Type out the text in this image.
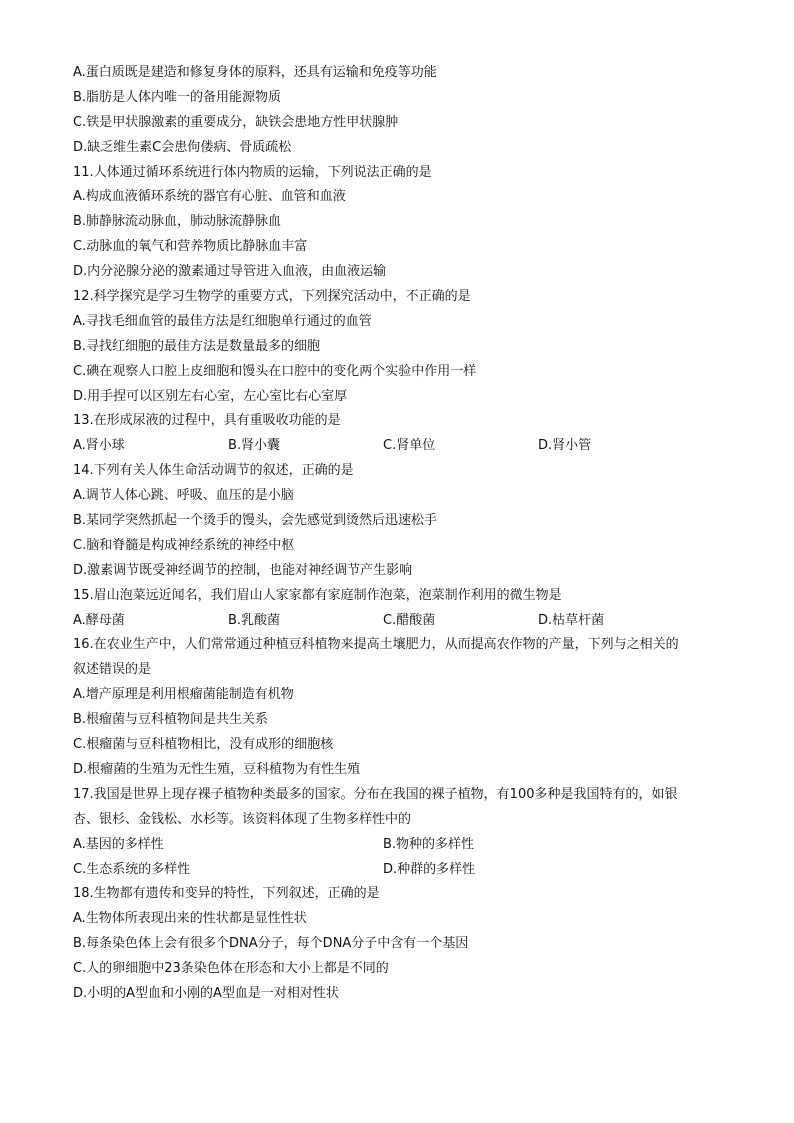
A.蛋白质既是建造和修复身体的原料，还具有运输和免疫等功能
B.脂肪是人体内唯一的备用能源物质
C.铁是甲状腺激素的重要成分，缺铁会患地方性甲状腺肿
D.缺乏维生素C会患佝偻病、骨质疏松
11.人体通过循环系统进行体内物质的运输，下列说法正确的是
A.构成血液循环系统的器官有心脏、血管和血液
B.肺静脉流动脉血，肺动脉流静脉血
C.动脉血的氧气和营养物质比静脉血丰富
D.内分泌腺分泌的激素通过导管进入血液，由血液运输
12.科学探究是学习生物学的重要方式，下列探究活动中，不正确的是
A.寻找毛细血管的最佳方法是红细胞单行通过的血管
B.寻找红细胞的最佳方法是数量最多的细胞
C.碘在观察人口腔上皮细胞和馒头在口腔中的变化两个实验中作用一样
D.用手捏可以区别左右心室，左心室比右心室厚
13.在形成尿液的过程中，具有重吸收功能的是
A.肾小球	B.肾小囊	C.肾单位	D.肾小管
14.下列有关人体生命活动调节的叙述，正确的是
A.调节人体心跳、呼吸、血压的是小脑
B.某同学突然抓起一个烫手的馒头，会先感觉到烫然后迅速松手
C.脑和脊髓是构成神经系统的神经中枢
D.激素调节既受神经调节的控制，也能对神经调节产生影响
15.眉山泡菜远近闻名，我们眉山人家家都有家庭制作泡菜，泡菜制作利用的微生物是
A.酵母菌	B.乳酸菌	C.醋酸菌	D.枯草杆菌
16.在农业生产中，人们常常通过种植豆科植物来提高土壤肥力，从而提高农作物的产量，下列与之相关的
叙述错误的是
A.增产原理是利用根瘤菌能制造有机物
B.根瘤菌与豆科植物间是共生关系
C.根瘤菌与豆科植物相比，没有成形的细胞核
D.根瘤菌的生殖为无性生殖，豆科植物为有性生殖
17.我国是世界上现存裸子植物种类最多的国家。分布在我国的裸子植物，有100多种是我国特有的，如银
杏、银杉、金钱松、水杉等。该资料体现了生物多样性中的
A.基因的多样性	B.物种的多样性
C.生态系统的多样性	D.种群的多样性
18.生物都有遗传和变异的特性，下列叙述，正确的是
A.生物体所表现出来的性状都是显性性状
B.每条染色体上会有很多个DNA分子，每个DNA分子中含有一个基因
C.人的卵细胞中23条染色体在形态和大小上都是不同的
D.小明的A型血和小刚的A型血是一对相对性状
